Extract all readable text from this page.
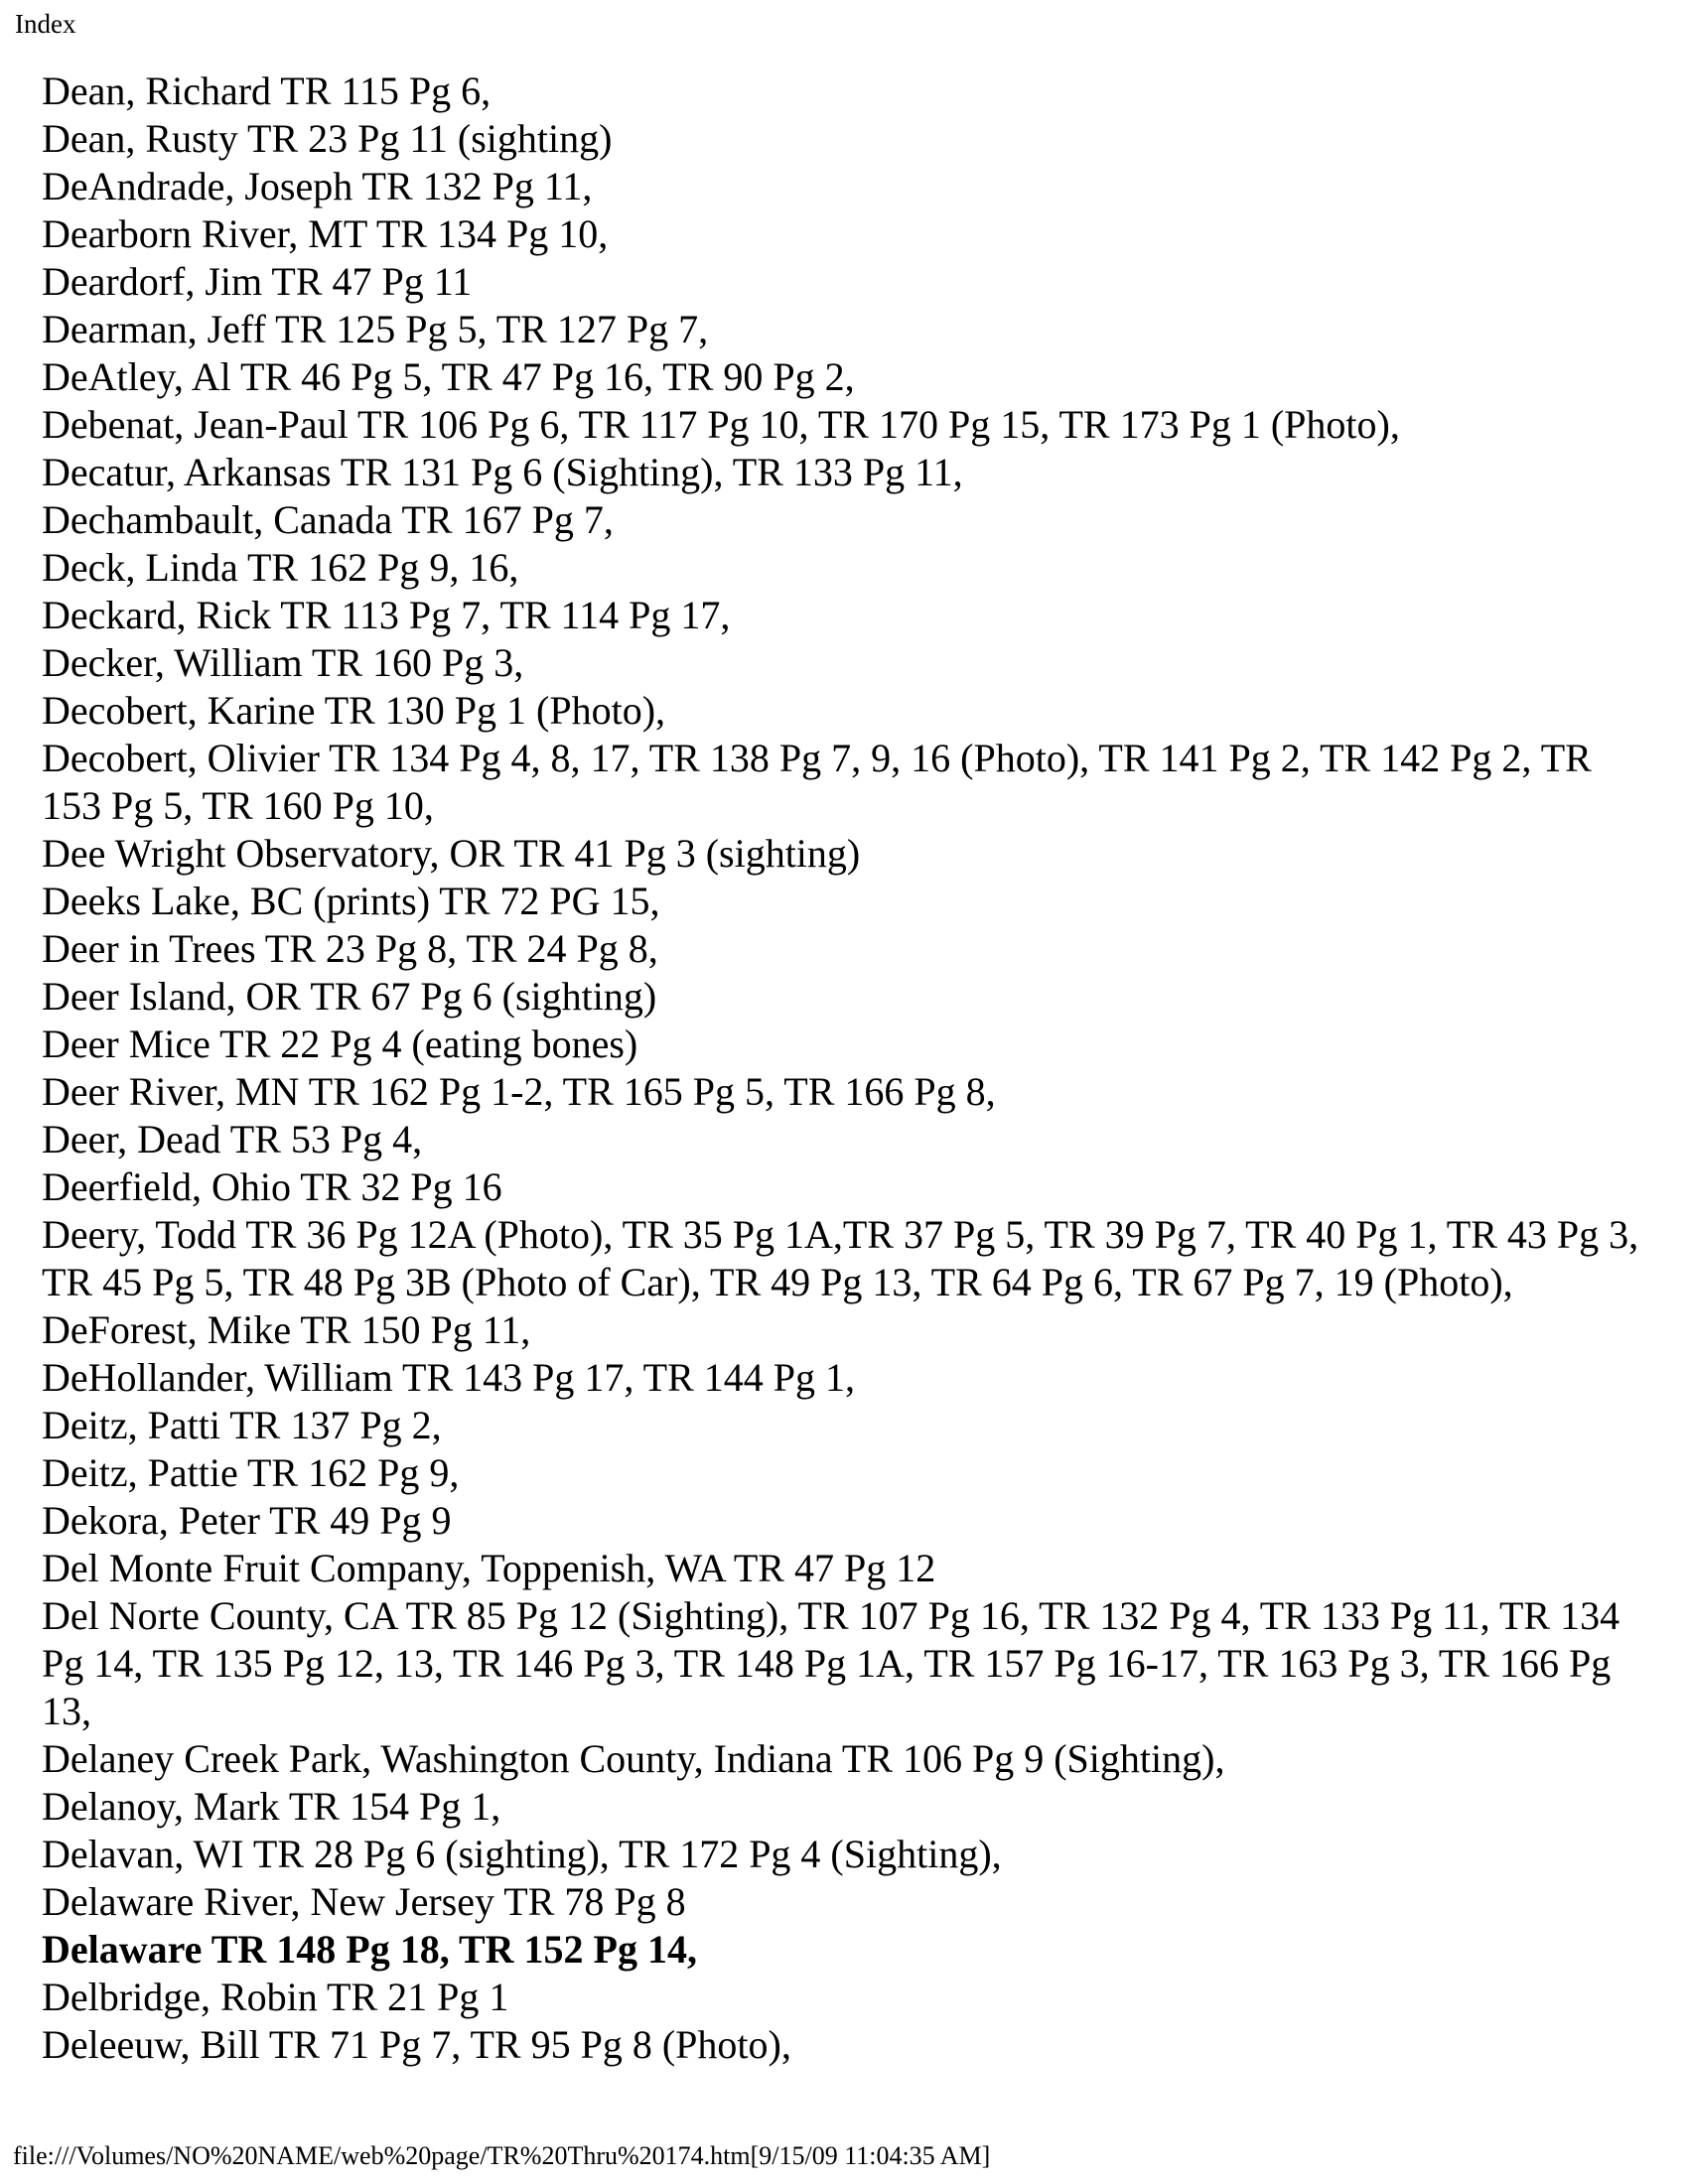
Index

Dean, Richard TR 115 Pg 6,

Dean, Rusty TR 23 Pg 11 (sighting)

DeAndrade, Joseph TR 132 Pg 11,

Dearborn River, MT TR 134 Pg 10,

Deardorf, Jim TR 47 Pg 11

Dearman, Jeff TR 125 Pg 5, TR 127 Pg 7,

DeAtley, Al TR 46 Pg 5, TR 47 Pg 16, TR 90 Pg 2,

Debenat, Jean-Paul TR 106 Pg 6, TR 117 Pg 10, TR 170 Pg 15, TR 173 Pg 1 (Photo),

Decatur, Arkansas TR 131 Pg 6 (Sighting), TR 133 Pg 11,

Dechambault, Canada TR 167 Pg 7,

Deck, Linda TR 162 Pg 9, 16,

Deckard, Rick TR 113 Pg 7, TR 114 Pg 17,

Decker, William TR 160 Pg 3,

Decobert, Karine TR 130 Pg 1 (Photo),

Decobert, Olivier TR 134 Pg 4, 8, 17, TR 138 Pg 7, 9, 16 (Photo), TR 141 Pg 2, TR 142 Pg 2, TR 153 Pg 5, TR 160 Pg 10,

Dee Wright Observatory, OR TR 41 Pg 3 (sighting)

Deeks Lake, BC (prints) TR 72 PG 15,

Deer in Trees TR 23 Pg 8, TR 24 Pg 8,

Deer Island, OR TR 67 Pg 6 (sighting)

Deer Mice TR 22 Pg 4 (eating bones)

Deer River, MN TR 162 Pg 1-2, TR 165 Pg 5, TR 166 Pg 8,

Deer, Dead TR 53 Pg 4,

Deerfield, Ohio TR 32 Pg 16

Deery, Todd TR 36 Pg 12A (Photo), TR 35 Pg 1A,TR 37 Pg 5, TR 39 Pg 7, TR 40 Pg 1, TR 43 Pg 3, TR 45 Pg 5, TR 48 Pg 3B (Photo of Car), TR 49 Pg 13, TR 64 Pg 6, TR 67 Pg 7, 19 (Photo),

DeForest, Mike TR 150 Pg 11,

DeHollander, William TR 143 Pg 17, TR 144 Pg 1,

Deitz, Patti TR 137 Pg 2,

Deitz, Pattie TR 162 Pg 9,

Dekora, Peter TR 49 Pg 9

Del Monte Fruit Company, Toppenish, WA TR 47 Pg 12

Del Norte County, CA TR 85 Pg 12 (Sighting), TR 107 Pg 16, TR 132 Pg 4, TR 133 Pg 11, TR 134 Pg 14, TR 135 Pg 12, 13, TR 146 Pg 3, TR 148 Pg 1A, TR 157 Pg 16-17, TR 163 Pg 3, TR 166 Pg 13,

Delaney Creek Park, Washington County, Indiana TR 106 Pg 9 (Sighting),

Delanoy, Mark TR 154 Pg 1,

Delavan, WI TR 28 Pg 6 (sighting), TR 172 Pg 4 (Sighting),

Delaware River, New Jersey TR 78 Pg 8

Delaware TR 148 Pg 18, TR 152 Pg 14,

Delbridge, Robin TR 21 Pg 1

Deleeuw, Bill TR 71 Pg 7, TR 95 Pg 8 (Photo),

file:///Volumes/NO%20NAME/web%20page/TR%20Thru%20174.htm[9/15/09 11:04:35 AM]
